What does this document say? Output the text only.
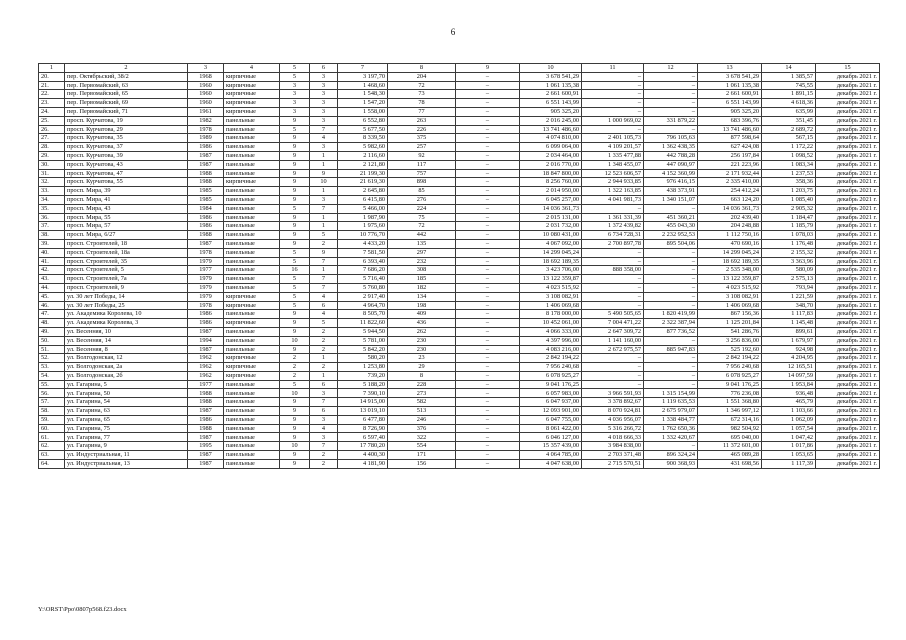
6
1	2	3	4	5	6	7	8	9	10	11	12	13	14	15
20.	пер. Октябрьский, 38/2	1968	кирпичные	5	3	3 197,70	204	–	3 678 541,29	–	–	3 678 541,29	1 385,57	декабрь 2021 г.
21.	пер. Первомайский, 63	1960	кирпичные	3	3	1 468,60	72	–	1 061 135,38	–	–	1 061 135,38	745,55	декабрь 2021 г.
22.	пер. Первомайский, 65	1960	кирпичные	3	3	1 548,30	73	–	2 661 600,91	–	–	2 661 600,91	1 891,15	декабрь 2021 г.
23.	пер. Первомайский, 69	1960	кирпичные	3	3	1 547,20	78	–	6 551 143,99	–	–	6 551 143,99	4 618,36	декабрь 2021 г.
24.	пер. Первомайский, 71	1961	кирпичные	3	3	1 558,00	77	–	905 325,20	–	–	905 325,20	635,99	декабрь 2021 г.
25.	просп. Курчатова, 19	1982	панельные	9	3	6 552,80	263	–	2 016 245,00	1 000 969,02	331 879,22	683 396,76	351,45	декабрь 2021 г.
26.	просп. Курчатова, 29	1978	панельные	5	7	5 677,50	226	–	13 741 486,60	–	–	13 741 486,60	2 689,72	декабрь 2021 г.
27.	просп. Курчатова, 35	1989	панельные	9	4	8 339,50	375	–	4 074 810,00	2 401 105,73	796 105,63	877 598,64	567,15	декабрь 2021 г.
28.	просп. Курчатова, 37	1986	панельные	9	3	5 982,60	257	–	6 099 064,00	4 109 201,57	1 362 438,35	627 424,08	1 172,22	декабрь 2021 г.
29.	просп. Курчатова, 39	1987	панельные	9	1	2 116,60	92	–	2 034 464,00	1 335 477,88	442 788,28	256 197,84	1 098,52	декабрь 2021 г.
30.	просп. Курчатова, 43	1987	панельные	9	1	2 121,80	117	–	2 016 770,00	1 348 455,07	447 090,97	221 223,96	1 083,34	декабрь 2021 г.
31.	просп. Курчатова, 47	1988	панельные	9	9	21 199,30	757	–	18 847 800,00	12 523 606,57	4 152 360,99	2 171 932,44	1 237,53	декабрь 2021 г.
32.	просп. Курчатова, 55	1988	кирпичные	9	10	21 619,30	898	–	8 256 760,00	2 944 933,85	976 416,15	2 335 410,00	358,36	декабрь 2021 г.
33.	просп. Мира, 39	1985	панельные	9	1	2 645,80	85	–	2 014 950,00	1 322 163,85	438 373,91	254 412,24	1 203,75	декабрь 2021 г.
34.	просп. Мира, 41	1985	панельные	9	3	6 415,80	276	–	6 045 257,00	4 041 981,73	1 340 151,07	663 124,20	1 085,40	декабрь 2021 г.
35.	просп. Мира, 43	1984	панельные	5	7	5 466,00	224	–	14 036 361,73	–	–	14 036 361,73	2 905,32	декабрь 2021 г.
36.	просп. Мира, 55	1986	панельные	9	1	1 987,90	75	–	2 015 131,00	1 361 331,39	451 360,21	202 439,40	1 184,47	декабрь 2021 г.
37.	просп. Мира, 57	1986	панельные	9	1	1 975,60	72	–	2 031 732,00	1 372 439,82	455 043,30	204 248,88	1 185,79	декабрь 2021 г.
38.	просп. Мира, 6/27	1988	панельные	9	5	10 776,70	442	–	10 080 431,00	6 734 728,31	2 232 952,53	1 112 750,16	1 078,03	декабрь 2021 г.
39.	просп. Строителей, 18	1987	панельные	9	2	4 433,20	135	–	4 067 092,00	2 700 897,78	895 504,06	470 690,16	1 176,48	декабрь 2021 г.
40.	просп. Строителей, 18а	1978	панельные	5	9	7 581,50	297	–	14 299 045,24	–	–	14 299 045,24	2 155,32	декабрь 2021 г.
41.	просп. Строителей, 35	1979	панельные	5	7	6 393,40	232	–	18 692 189,35	–	–	18 692 189,35	3 363,96	декабрь 2021 г.
42.	просп. Строителей, 5	1977	панельные	16	1	7 686,20	308	–	3 423 706,00	888 358,00	–	2 535 348,00	580,09	декабрь 2021 г.
43.	просп. Строителей, 7а	1979	панельные	5	7	5 716,40	185	–	13 122 359,87	–	–	13 122 359,87	2 575,13	декабрь 2021 г.
44.	просп. Строителей, 9	1979	панельные	5	7	5 760,80	182	–	4 023 515,92	–	–	4 023 515,92	793,94	декабрь 2021 г.
45.	ул. 30 лет Победы, 14	1979	кирпичные	5	4	2 917,40	134	–	3 108 082,91	–	–	3 108 082,91	1 221,59	декабрь 2021 г.
46.	ул. 30 лет Победы, 25	1978	кирпичные	5	6	4 964,70	198	–	1 406 069,68	–	–	1 406 069,68	348,70	декабрь 2021 г.
47.	ул. Академика Королева, 10	1986	панельные	9	4	8 505,70	409	–	8 178 000,00	5 490 505,65	1 820 419,99	867 156,36	1 117,83	декабрь 2021 г.
48.	ул. Академика Королева, 3	1986	кирпичные	9	5	11 822,60	436	–	10 452 061,00	7 004 471,22	2 322 387,94	1 125 201,84	1 145,48	декабрь 2021 г.
49.	ул. Весенняя, 10	1987	панельные	9	2	5 944,50	262	–	4 066 333,00	2 647 309,72	877 736,52	541 286,76	899,61	декабрь 2021 г.
50.	ул. Весенняя, 14	1994	панельные	10	2	5 781,00	230	–	4 397 996,00	1 141 160,00	–	3 256 836,00	1 679,97	декабрь 2021 г.
51.	ул. Весенняя, 8	1987	панельные	9	2	5 842,20	230	–	4 083 216,00	2 672 975,57	885 947,83	525 192,60	924,98	декабрь 2021 г.
52.	ул. Волгодонская, 12	1962	кирпичные	2	1	580,20	23	–	2 842 194,22	–	–	2 842 194,22	4 204,95	декабрь 2021 г.
53.	ул. Волгодонская, 2а	1962	кирпичные	2	2	1 253,80	29	–	7 956 240,68	–	–	7 956 240,68	12 165,51	декабрь 2021 г.
54.	ул. Волгодонская, 2б	1962	кирпичные	2	1	739,20	8	–	6 078 925,27	–	–	6 078 925,27	14 097,59	декабрь 2021 г.
55.	ул. Гагарина, 5	1977	панельные	5	6	5 188,20	228	–	9 041 176,25	–	–	9 041 176,25	1 953,84	декабрь 2021 г.
56.	ул. Гагарина, 50	1988	панельные	10	3	7 390,10	273	–	6 057 983,00	3 966 591,93	1 315 154,99	776 236,08	936,48	декабрь 2021 г.
57.	ул. Гагарина, 54	1988	панельные	9	7	14 915,00	582	–	6 047 937,00	3 378 892,67	1 119 635,53	1 551 368,80	465,79	декабрь 2021 г.
58.	ул. Гагарина, 63	1987	панельные	9	6	13 019,10	513	–	12 093 901,00	8 070 924,81	2 675 979,07	1 346 997,12	1 103,66	декабрь 2021 г.
59.	ул. Гагарина, 65	1986	панельные	9	3	6 477,80	246	–	6 047 755,00	4 036 956,07	1 338 484,77	672 314,16	1 062,09	декабрь 2021 г.
60.	ул. Гагарина, 75	1988	панельные	9	4	8 726,90	376	–	8 061 422,00	5 316 266,72	1 762 650,36	982 504,92	1 057,54	декабрь 2021 г.
61.	ул. Гагарина, 77	1987	панельные	9	3	6 597,40	322	–	6 046 127,00	4 018 666,33	1 332 420,67	695 040,00	1 047,42	декабрь 2021 г.
62.	ул. Гагарина, 9	1995	панельные	10	7	17 780,20	554	–	15 357 439,00	3 984 838,00	–	11 372 601,00	1 017,86	декабрь 2021 г.
63.	ул. Индустриальная, 11	1987	панельные	9	2	4 400,30	171	–	4 064 785,00	2 703 371,48	896 324,24	465 089,28	1 053,65	декабрь 2021 г.
64.	ул. Индустриальная, 13	1987	панельные	9	2	4 181,90	156	–	4 047 638,00	2 715 570,51	900 368,93	431 698,56	1 117,39	декабрь 2021 г.
Y:\ORST\Ppo\0807p568.f23.docx
